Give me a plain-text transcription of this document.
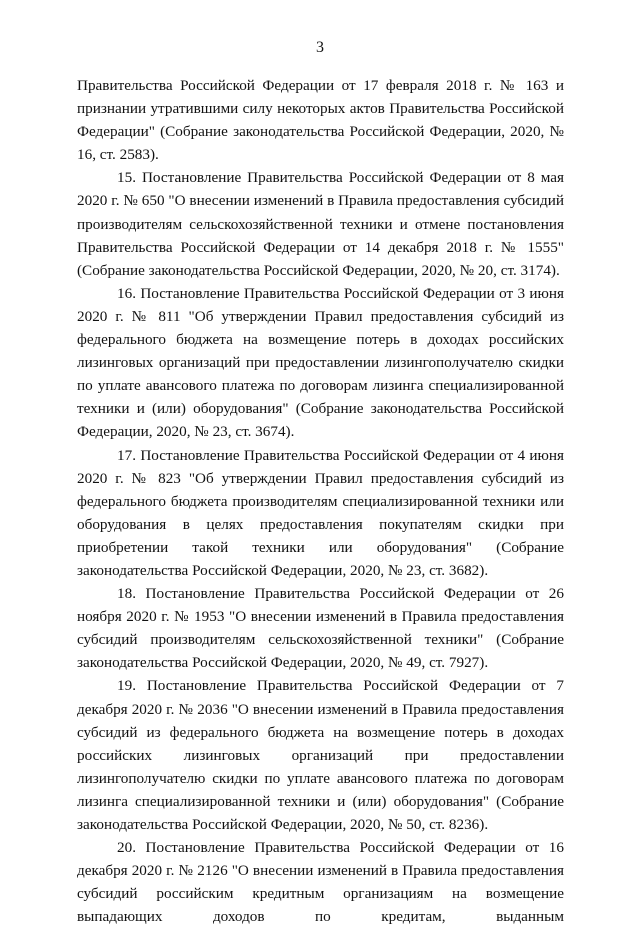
3

Правительства Российской Федерации от 17 февраля 2018 г. № 163 и признании утратившими силу некоторых актов Правительства Российской Федерации" (Собрание законодательства Российской Федерации, 2020, № 16, ст. 2583).

15. Постановление Правительства Российской Федерации от 8 мая 2020 г. № 650 "О внесении изменений в Правила предоставления субсидий производителям сельскохозяйственной техники и отмене постановления Правительства Российской Федерации от 14 декабря 2018 г. № 1555" (Собрание законодательства Российской Федерации, 2020, № 20, ст. 3174).

16. Постановление Правительства Российской Федерации от 3 июня 2020 г. № 811 "Об утверждении Правил предоставления субсидий из федерального бюджета на возмещение потерь в доходах российских лизинговых организаций при предоставлении лизингополучателю скидки по уплате авансового платежа по договорам лизинга специализированной техники и (или) оборудования" (Собрание законодательства Российской Федерации, 2020, № 23, ст. 3674).

17. Постановление Правительства Российской Федерации от 4 июня 2020 г. № 823 "Об утверждении Правил предоставления субсидий из федерального бюджета производителям специализированной техники или оборудования в целях предоставления покупателям скидки при приобретении такой техники или оборудования" (Собрание законодательства Российской Федерации, 2020, № 23, ст. 3682).

18. Постановление Правительства Российской Федерации от 26 ноября 2020 г. № 1953 "О внесении изменений в Правила предоставления субсидий производителям сельскохозяйственной техники" (Собрание законодательства Российской Федерации, 2020, № 49, ст. 7927).

19. Постановление Правительства Российской Федерации от 7 декабря 2020 г. № 2036 "О внесении изменений в Правила предоставления субсидий из федерального бюджета на возмещение потерь в доходах российских лизинговых организаций при предоставлении лизингополучателю скидки по уплате авансового платежа по договорам лизинга специализированной техники и (или) оборудования" (Собрание законодательства Российской Федерации, 2020, № 50, ст. 8236).

20. Постановление Правительства Российской Федерации от 16 декабря 2020 г. № 2126 "О внесении изменений в Правила предоставления субсидий российским кредитным организациям на возмещение выпадающих доходов по кредитам, выданным
